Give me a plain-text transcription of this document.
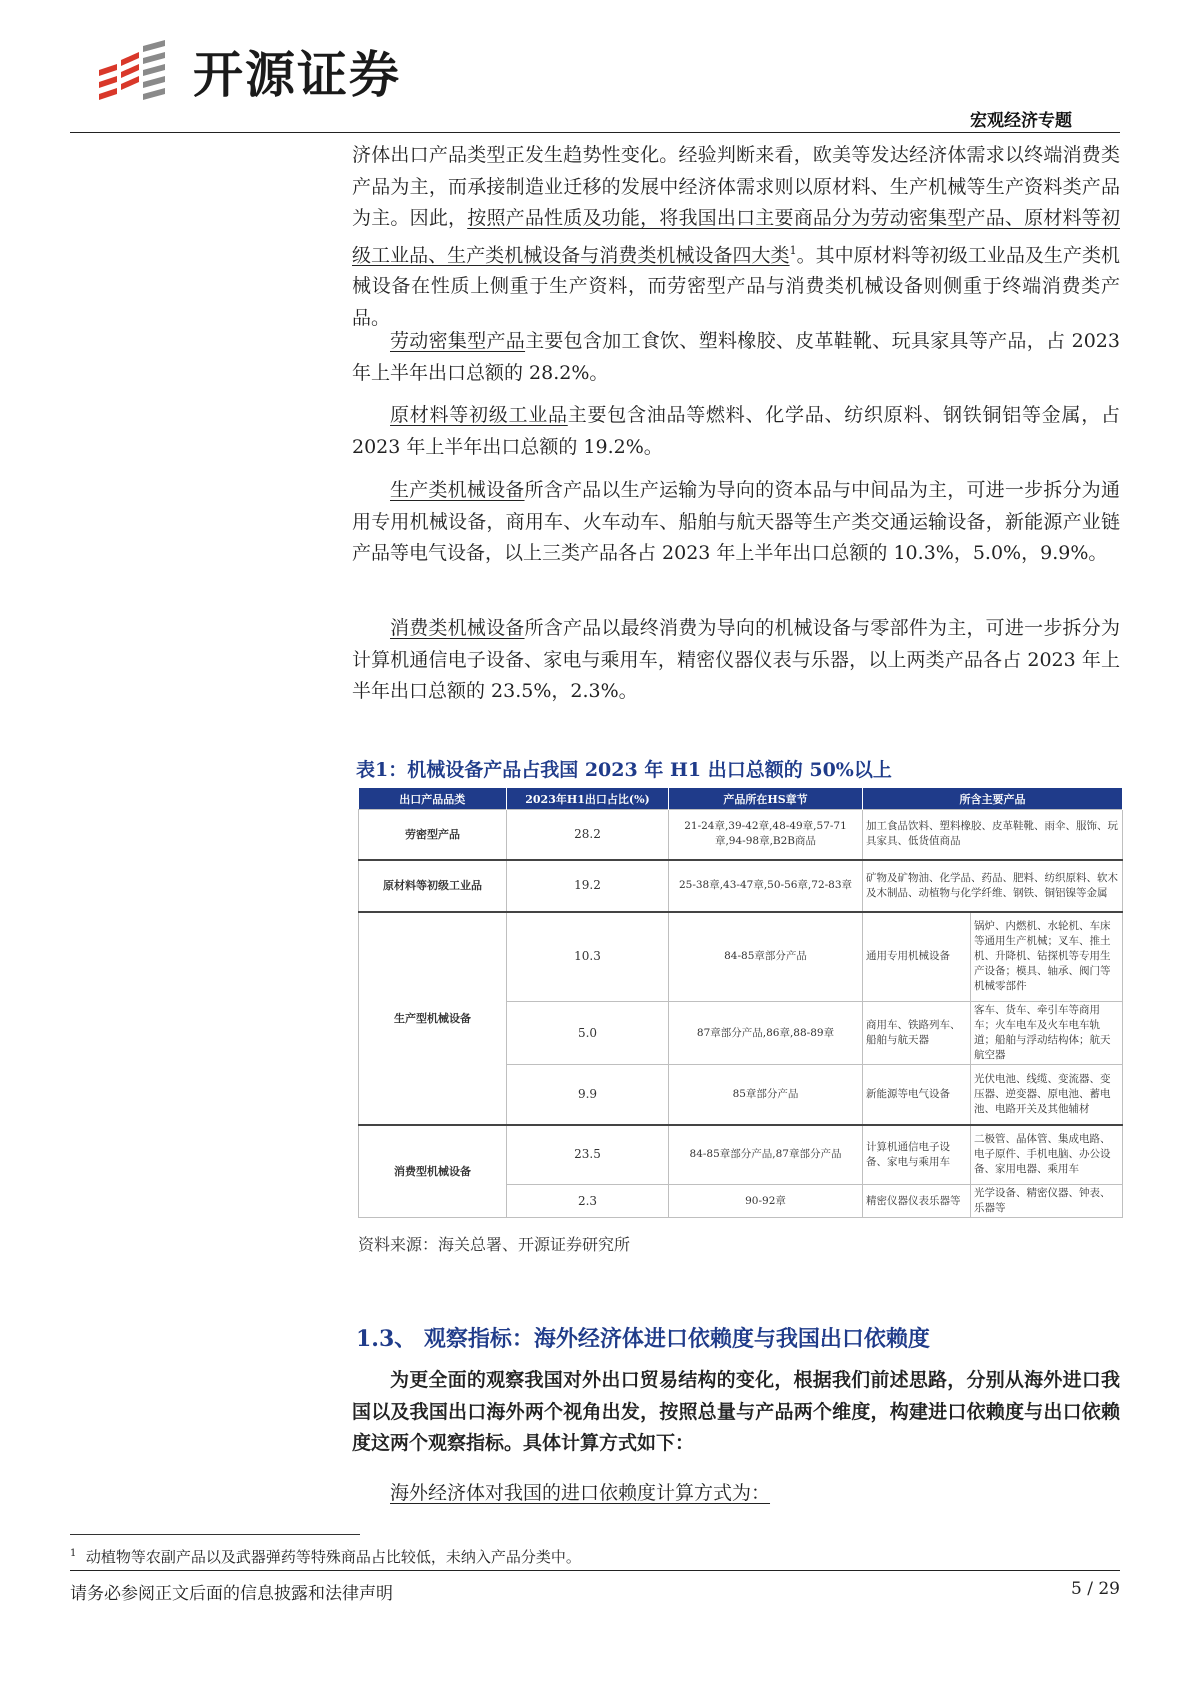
开源证券
宏观经济专题

济体出口产品类型正发生趋势性变化。经验判断来看，欧美等发达经济体需求以终端消费类产品为主，而承接制造业迁移的发展中经济体需求则以原材料、生产机械等生产资料类产品为主。因此，按照产品性质及功能，将我国出口主要商品分为劳动密集型产品、原材料等初级工业品、生产类机械设备与消费类机械设备四大类$^1$。其中原材料等初级工业品及生产类机械设备在性质上侧重于生产资料，而劳密型产品与消费类机械设备则侧重于终端消费类产品。

劳动密集型产品主要包含加工食饮、塑料橡胶、皮革鞋靴、玩具家具等产品，占 2023 年上半年出口总额的 28.2%。

原材料等初级工业品主要包含油品等燃料、化学品、纺织原料、钢铁铜铝等金属，占 2023 年上半年出口总额的 19.2%。

生产类机械设备所含产品以生产运输为导向的资本品与中间品为主，可进一步拆分为通用专用机械设备，商用车、火车动车、船舶与航天器等生产类交通运输设备，新能源产业链产品等电气设备，以上三类产品各占 2023 年上半年出口总额的 10.3%，5.0%，9.9%。

消费类机械设备所含产品以最终消费为导向的机械设备与零部件为主，可进一步拆分为计算机通信电子设备、家电与乘用车，精密仪器仪表与乐器，以上两类产品各占 2023 年上半年出口总额的 23.5%，2.3%。

表1：机械设备产品占我国 2023 年 H1 出口总额的 50%以上
出口产品品类	2023年H1出口占比(%)	产品所在HS章节	所含主要产品	
劳密型产品	28.2	21-24章,39-42章,48-49章,57-71章,94-98章,B2B商品	加工食品饮料、塑料橡胶、皮革鞋靴、雨伞、服饰、玩具家具、低货值商品	
原材料等初级工业品	19.2	25-38章,43-47章,50-56章,72-83章	矿物及矿物油、化学品、药品、肥料、纺织原料、软木及木制品、动植物与化学纤维、钢铁、铜铝镍等金属	
生产型机械设备	10.3	84-85章部分产品	通用专用机械设备	锅炉、内燃机、水轮机、车床等通用生产机械；叉车、推土机、升降机、钻探机等专用生产设备；模具、轴承、阀门等机械零部件
	5.0	87章部分产品,86章,88-89章	商用车、铁路列车、船舶与航天器	客车、货车、牵引车等商用车；火车电车及火车电车轨道；船舶与浮动结构体；航天航空器
	9.9	85章部分产品	新能源等电气设备	光伏电池、线缆、变流器、变压器、逆变器、原电池、蓄电池、电路开关及其他辅材
消费型机械设备	23.5	84-85章部分产品,87章部分产品	计算机通信电子设备、家电与乘用车	二极管、晶体管、集成电路、电子原件、手机电脑、办公设备、家用电器、乘用车
	2.3	90-92章	精密仪器仪表乐器等	光学设备、精密仪器、钟表、乐器等
资料来源：海关总署、开源证券研究所
1.3、 观察指标：海外经济体进口依赖度与我国出口依赖度

为更全面的观察我国对外出口贸易结构的变化，根据我们前述思路，分别从海外进口我国以及我国出口海外两个视角出发，按照总量与产品两个维度，构建进口依赖度与出口依赖度这两个观察指标。具体计算方式如下：

海外经济体对我国的进口依赖度计算方式为：

$^1$ 动植物等农副产品以及武器弹药等特殊商品占比较低，未纳入产品分类中。
请务必参阅正文后面的信息披露和法律声明	5 / 29
